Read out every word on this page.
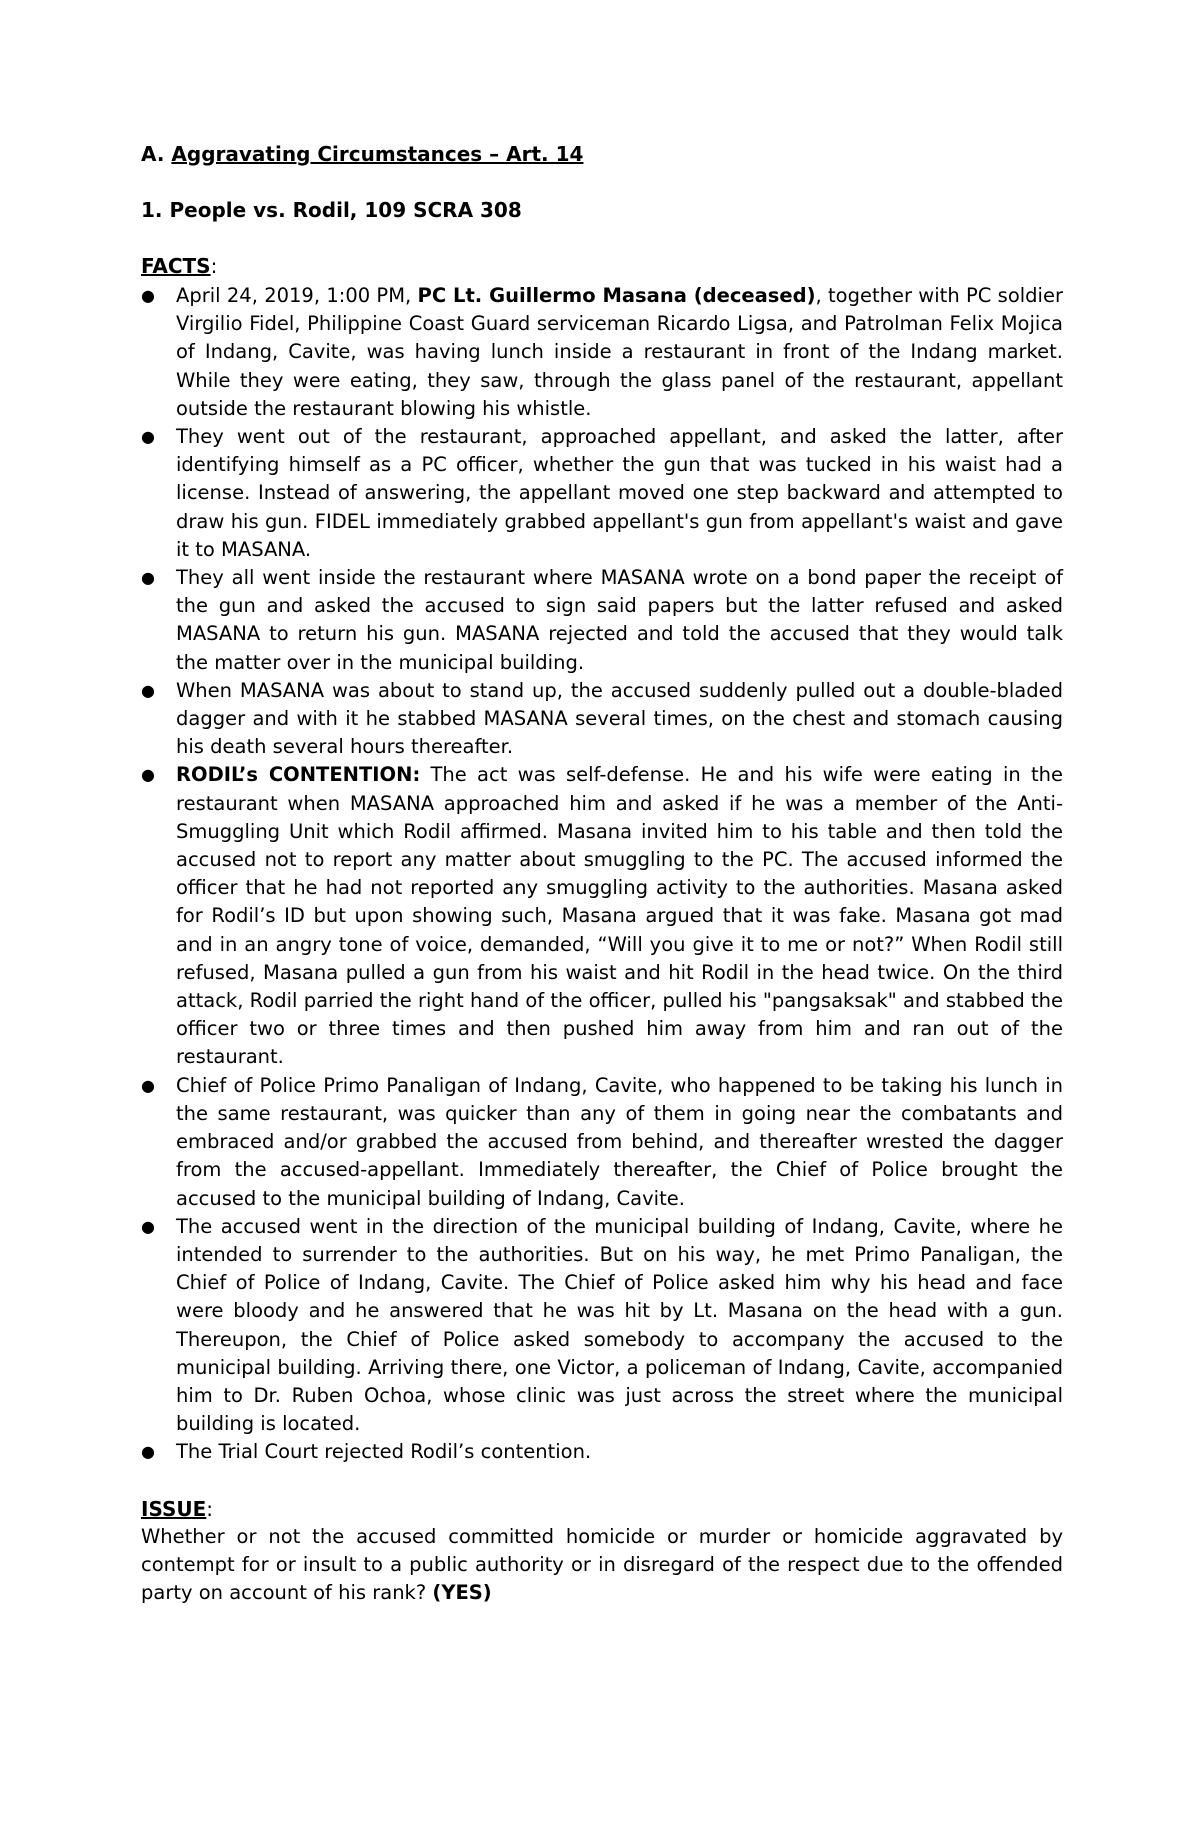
A. Aggravating Circumstances – Art. 14

1. People vs. Rodil, 109 SCRA 308

FACTS:

●	April 24, 2019, 1:00 PM, PC Lt. Guillermo Masana (deceased), together with PC soldier Virgilio Fidel, Philippine Coast Guard serviceman Ricardo Ligsa, and Patrolman Felix Mojica of Indang, Cavite, was having lunch inside a restaurant in front of the Indang market. While they were eating, they saw, through the glass panel of the restaurant, appellant outside the restaurant blowing his whistle.
●	They went out of the restaurant, approached appellant, and asked the latter, after identifying himself as a PC officer, whether the gun that was tucked in his waist had a license. Instead of answering, the appellant moved one step backward and attempted to draw his gun. FIDEL immediately grabbed appellant's gun from appellant's waist and gave it to MASANA.
●	They all went inside the restaurant where MASANA wrote on a bond paper the receipt of the gun and asked the accused to sign said papers but the latter refused and asked MASANA to return his gun. MASANA rejected and told the accused that they would talk the matter over in the municipal building.
●	When MASANA was about to stand up, the accused suddenly pulled out a double-bladed dagger and with it he stabbed MASANA several times, on the chest and stomach causing his death several hours thereafter.
●	RODIL’s CONTENTION: The act was self-defense. He and his wife were eating in the restaurant when MASANA approached him and asked if he was a member of the Anti-Smuggling Unit which Rodil affirmed. Masana invited him to his table and then told the accused not to report any matter about smuggling to the PC. The accused informed the officer that he had not reported any smuggling activity to the authorities. Masana asked for Rodil’s ID but upon showing such, Masana argued that it was fake. Masana got mad and in an angry tone of voice, demanded, “Will you give it to me or not?” When Rodil still refused, Masana pulled a gun from his waist and hit Rodil in the head twice. On the third attack, Rodil parried the right hand of the officer, pulled his "pangsaksak" and stabbed the officer two or three times and then pushed him away from him and ran out of the restaurant.
●	Chief of Police Primo Panaligan of Indang, Cavite, who happened to be taking his lunch in the same restaurant, was quicker than any of them in going near the combatants and embraced and/or grabbed the accused from behind, and thereafter wrested the dagger from the accused-appellant. Immediately thereafter, the Chief of Police brought the accused to the municipal building of Indang, Cavite.
●	The accused went in the direction of the municipal building of Indang, Cavite, where he intended to surrender to the authorities. But on his way, he met Primo Panaligan, the Chief of Police of Indang, Cavite. The Chief of Police asked him why his head and face were bloody and he answered that he was hit by Lt. Masana on the head with a gun. Thereupon, the Chief of Police asked somebody to accompany the accused to the municipal building. Arriving there, one Victor, a policeman of Indang, Cavite, accompanied him to Dr. Ruben Ochoa, whose clinic was just across the street where the municipal building is located.
●	The Trial Court rejected Rodil’s contention.

ISSUE:

Whether or not the accused committed homicide or murder or homicide aggravated by contempt for or insult to a public authority or in disregard of the respect due to the offended party on account of his rank? (YES)
